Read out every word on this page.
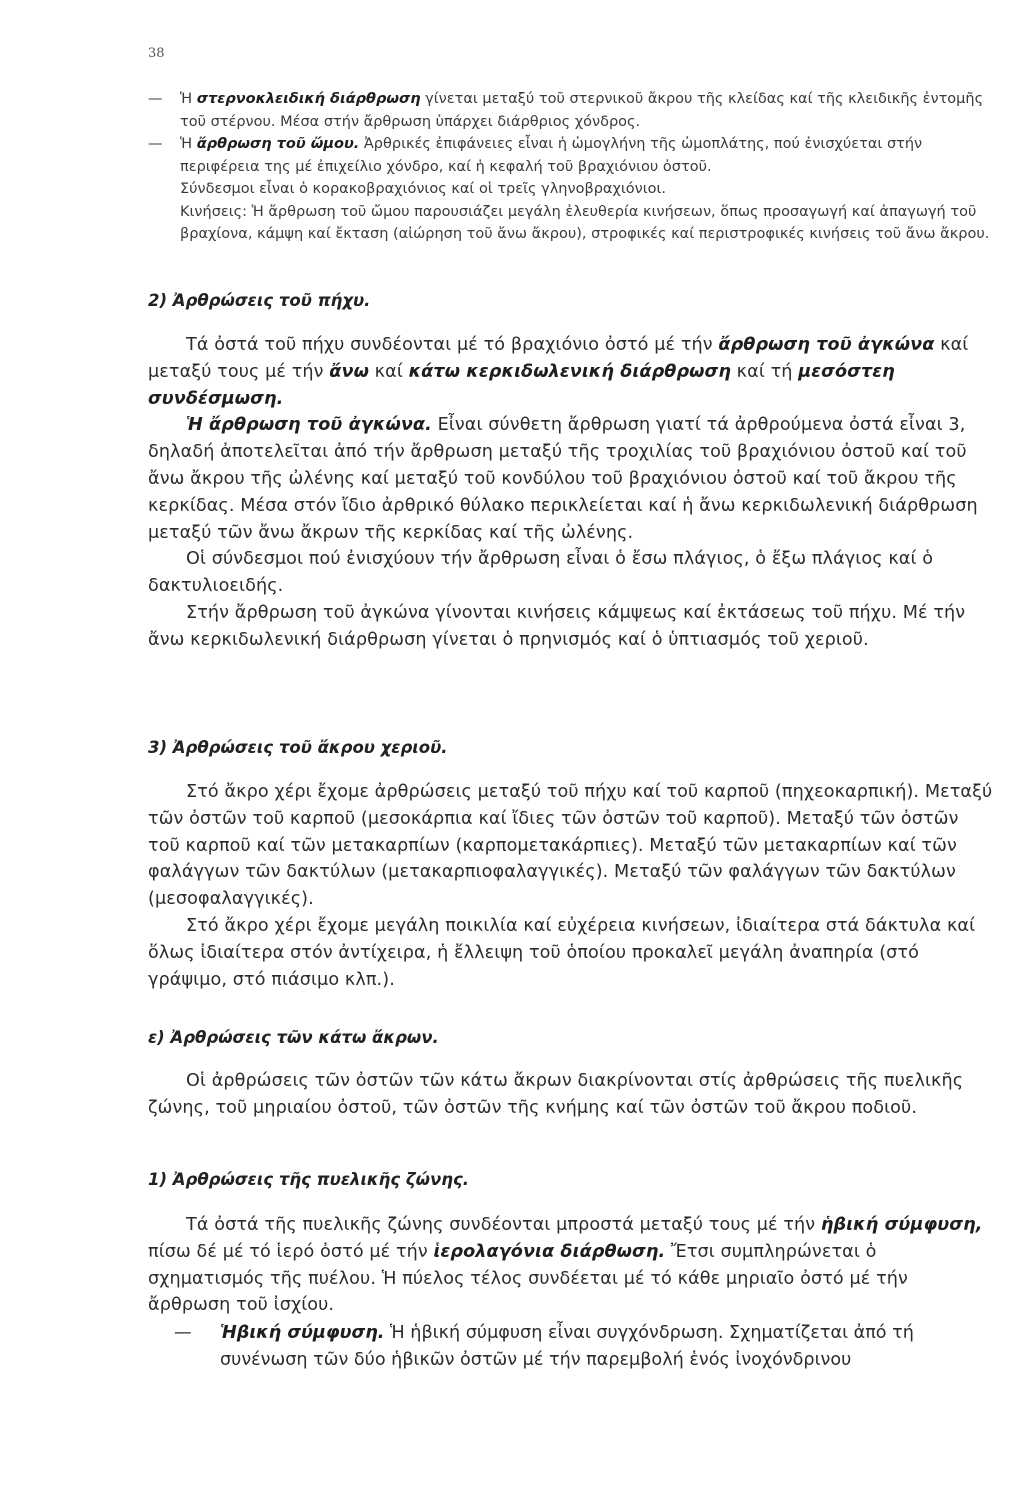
38

— Ἡ στερνοκλειδική διάρθρωση γίνεται μεταξύ τοῦ στερνικοῦ ἄκρου τῆς κλείδας καί τῆς κλειδικῆς ἐντομῆς τοῦ στέρνου. Μέσα στήν ἄρθρωση ὑπάρχει διάρθριος χόνδρος.

— Ἡ ἄρθρωση τοῦ ὤμου. Ἀρθρικές ἐπιφάνειες εἶναι ἡ ὠμογλήνη τῆς ὠμοπλάτης, πού ἐνισχύεται στήν περιφέρεια της μέ ἐπιχείλιο χόνδρο, καί ἡ κεφαλή τοῦ βραχιόνιου ὀστοῦ.

Σύνδεσμοι εἶναι ὁ κορακοβραχιόνιος καί οἱ τρεῖς γληνοβραχιόνιοι.

Κινήσεις: Ἡ ἄρθρωση τοῦ ὤμου παρουσιάζει μεγάλη ἐλευθερία κινήσεων, ὅπως προσαγωγή καί ἀπαγωγή τοῦ βραχίονα, κάμψη καί ἔκταση (αἰώρηση τοῦ ἄνω ἄκρου), στροφικές καί περιστροφικές κινήσεις τοῦ ἄνω ἄκρου.

2) Ἀρθρώσεις τοῦ πήχυ.

Τά ὀστά τοῦ πήχυ συνδέονται μέ τό βραχιόνιο ὀστό μέ τήν ἄρθρωση τοῦ ἀγκώνα καί μεταξύ τους μέ τήν ἄνω καί κάτω κερκιδωλενική διάρθρωση καί τή μεσόστεη συνδέσμωση.

Ἡ ἄρθρωση τοῦ ἀγκώνα. Εἶναι σύνθετη ἄρθρωση γιατί τά ἀρθρούμενα ὀστά εἶναι 3, δηλαδή ἀποτελεῖται ἀπό τήν ἄρθρωση μεταξύ τῆς τροχιλίας τοῦ βραχιόνιου ὀστοῦ καί τοῦ ἄνω ἄκρου τῆς ὠλένης καί μεταξύ τοῦ κονδύλου τοῦ βραχιόνιου ὀστοῦ καί τοῦ ἄκρου τῆς κερκίδας. Μέσα στόν ἴδιο ἀρθρικό θύλακο περικλείεται καί ἡ ἄνω κερκιδωλενική διάρθρωση μεταξύ τῶν ἄνω ἄκρων τῆς κερκίδας καί τῆς ὠλένης.

Οἱ σύνδεσμοι πού ἐνισχύουν τήν ἄρθρωση εἶναι ὁ ἔσω πλάγιος, ὁ ἔξω πλάγιος καί ὁ δακτυλιοειδής.

Στήν ἄρθρωση τοῦ ἀγκώνα γίνονται κινήσεις κάμψεως καί ἐκτάσεως τοῦ πήχυ. Μέ τήν ἄνω κερκιδωλενική διάρθρωση γίνεται ὁ πρηνισμός καί ὁ ὑπτιασμός τοῦ χεριοῦ.

3) Ἀρθρώσεις τοῦ ἄκρου χεριοῦ.

Στό ἄκρο χέρι ἔχομε ἀρθρώσεις μεταξύ τοῦ πήχυ καί τοῦ καρποῦ (πηχεοκαρπική). Μεταξύ τῶν ὀστῶν τοῦ καρποῦ (μεσοκάρπια καί ἴδιες τῶν ὀστῶν τοῦ καρποῦ). Μεταξύ τῶν ὀστῶν τοῦ καρποῦ καί τῶν μετακαρπίων (καρπομετακάρπιες). Μεταξύ τῶν μετακαρπίων καί τῶν φαλάγγων τῶν δακτύλων (μετακαρπιοφαλαγγικές). Μεταξύ τῶν φαλάγγων τῶν δακτύλων (μεσοφαλαγγικές).

Στό ἄκρο χέρι ἔχομε μεγάλη ποικιλία καί εὐχέρεια κινήσεων, ἰδιαίτερα στά δάκτυλα καί ὅλως ἰδιαίτερα στόν ἀντίχειρα, ἡ ἔλλειψη τοῦ ὁποίου προκαλεῖ μεγάλη ἀναπηρία (στό γράψιμο, στό πιάσιμο κλπ.).

ε) Ἀρθρώσεις τῶν κάτω ἄκρων.

Οἱ ἀρθρώσεις τῶν ὀστῶν τῶν κάτω ἄκρων διακρίνονται στίς ἀρθρώσεις τῆς πυελικῆς ζώνης, τοῦ μηριαίου ὀστοῦ, τῶν ὀστῶν τῆς κνήμης καί τῶν ὀστῶν τοῦ ἄκρου ποδιοῦ.

1) Ἀρθρώσεις τῆς πυελικῆς ζώνης.

Τά ὀστά τῆς πυελικῆς ζώνης συνδέονται μπροστά μεταξύ τους μέ τήν ἡβική σύμφυση, πίσω δέ μέ τό ἱερό ὀστό μέ τήν ἱερολαγόνια διάρθωση. Ἔτσι συμπληρώνεται ὁ σχηματισμός τῆς πυέλου. Ἡ πύελος τέλος συνδέεται μέ τό κάθε μηριαῖο ὀστό μέ τήν ἄρθρωση τοῦ ἰσχίου.

—	Ἡβική σύμφυση. Ἡ ἡβική σύμφυση εἶναι συγχόνδρωση. Σχηματίζεται ἀπό τή συνένωση τῶν δύο ἡβικῶν ὀστῶν μέ τήν παρεμβολή ἑνός ἰνοχόνδρινου
